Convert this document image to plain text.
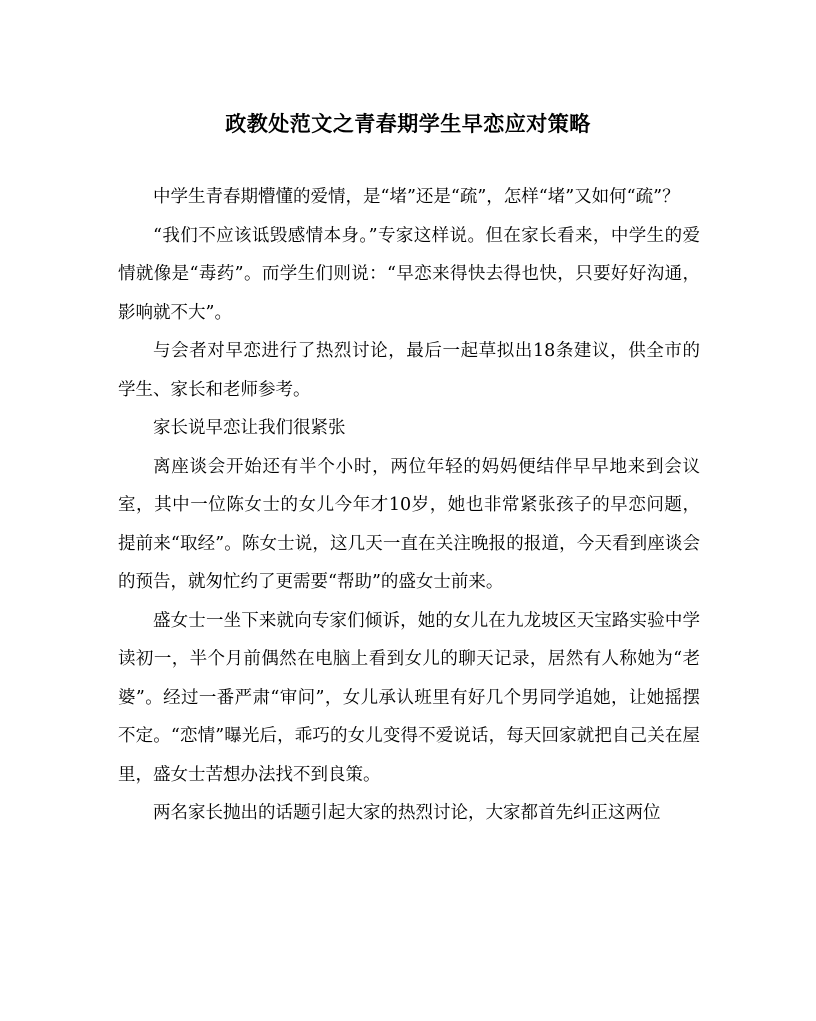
政教处范文之青春期学生早恋应对策略

中学生青春期懵懂的爱情，是“堵”还是“疏”，怎样“堵”又如何“疏”？

“我们不应该诋毁感情本身。”专家这样说。但在家长看来，中学生的爱情就像是“毒药”。而学生们则说：“早恋来得快去得也快，只要好好沟通，影响就不大”。

与会者对早恋进行了热烈讨论，最后一起草拟出18条建议，供全市的学生、家长和老师参考。

家长说早恋让我们很紧张

离座谈会开始还有半个小时，两位年轻的妈妈便结伴早早地来到会议室，其中一位陈女士的女儿今年才10岁，她也非常紧张孩子的早恋问题，提前来“取经”。陈女士说，这几天一直在关注晚报的报道，今天看到座谈会的预告，就匆忙约了更需要“帮助”的盛女士前来。

盛女士一坐下来就向专家们倾诉，她的女儿在九龙坡区天宝路实验中学读初一，半个月前偶然在电脑上看到女儿的聊天记录，居然有人称她为“老婆”。经过一番严肃“审问”，女儿承认班里有好几个男同学追她，让她摇摆不定。“恋情”曝光后，乖巧的女儿变得不爱说话，每天回家就把自己关在屋里，盛女士苦想办法找不到良策。

两名家长抛出的话题引起大家的热烈讨论，大家都首先纠正这两位
